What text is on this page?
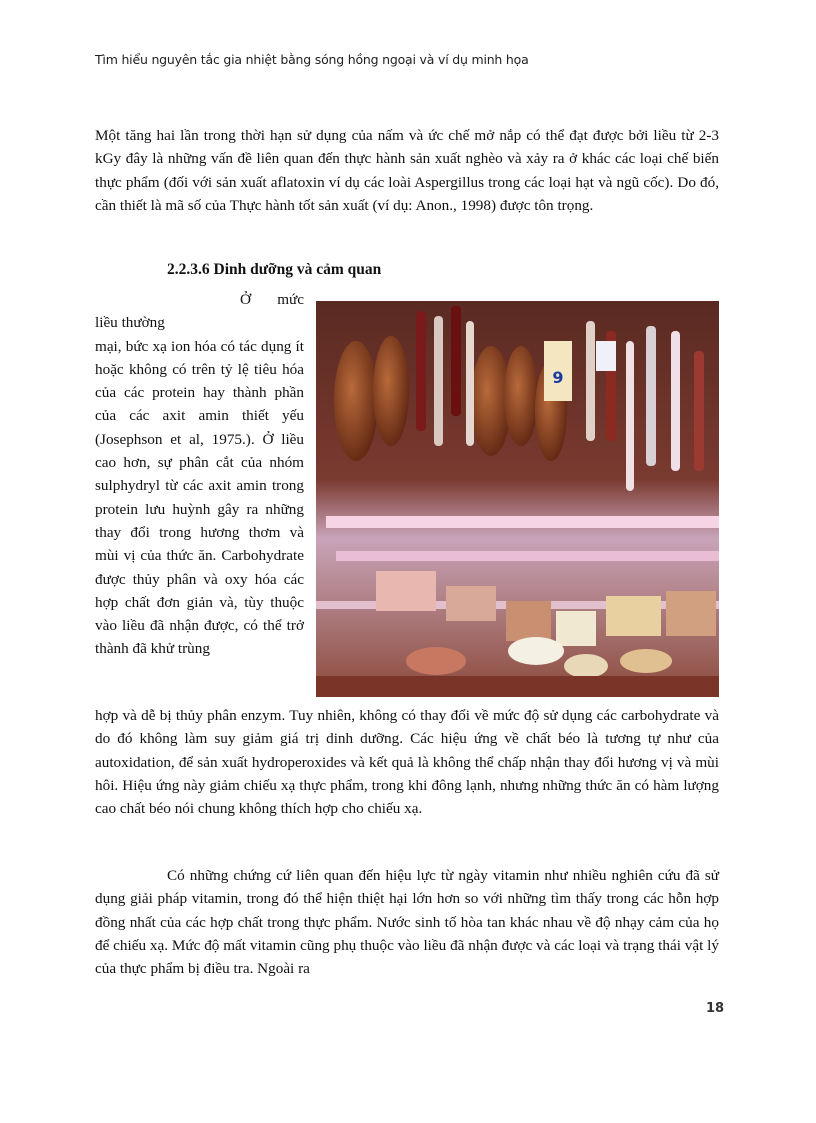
Tìm hiểu nguyên tắc gia nhiệt bằng sóng hồng ngoại và ví dụ minh họa

Một tăng hai lần trong thời hạn sử dụng của nấm và ức chế mở nắp có thể đạt được bởi liều từ 2-3 kGy đây là những vấn đề liên quan đến thực hành sản xuất nghèo và xảy ra ở khác các loại chế biến thực phẩm (đối với sản xuất aflatoxin ví dụ các loài Aspergillus trong các loại hạt và ngũ cốc). Do đó, cần thiết là mã số của Thực hành tốt sản xuất (ví dụ: Anon., 1998) được tôn trọng.

2.2.3.6 Dinh dưỡng và cảm quan

Ở mức liều thường
mại, bức xạ ion hóa có tác dụng ít hoặc không có trên tỷ lệ tiêu hóa của các protein hay thành phần của các axit amin thiết yếu (Josephson et al, 1975.). Ở liều cao hơn, sự phân cắt của nhóm sulphydryl từ các axit amin trong protein lưu huỳnh gây ra những thay đổi trong hương thơm và mùi vị của thức ăn. Carbohydrate được thủy phân và oxy hóa các hợp chất đơn giản và, tùy thuộc vào liều đã nhận được, có thể trở thành đã khử trùng

9

hợp và dễ bị thủy phân enzym. Tuy nhiên, không có thay đổi về mức độ sử dụng các carbohydrate và do đó không làm suy giảm giá trị dinh dưỡng. Các hiệu ứng về chất béo là tương tự như của autoxidation, để sản xuất hydroperoxides và kết quả là không thể chấp nhận thay đổi hương vị và mùi hôi. Hiệu ứng này giảm chiếu xạ thực phẩm, trong khi đông lạnh, nhưng những thức ăn có hàm lượng cao chất béo nói chung không thích hợp cho chiếu xạ.

Có những chứng cứ liên quan đến hiệu lực từ ngày vitamin như nhiều nghiên cứu đã sử dụng giải pháp vitamin, trong đó thể hiện thiệt hại lớn hơn so với những tìm thấy trong các hỗn hợp đồng nhất của các hợp chất trong thực phẩm. Nước sinh tố hòa tan khác nhau về độ nhạy cảm của họ để chiếu xạ. Mức độ mất vitamin cũng phụ thuộc vào liều đã nhận được và các loại và trạng thái vật lý của thực phẩm bị điều tra. Ngoài ra

18
